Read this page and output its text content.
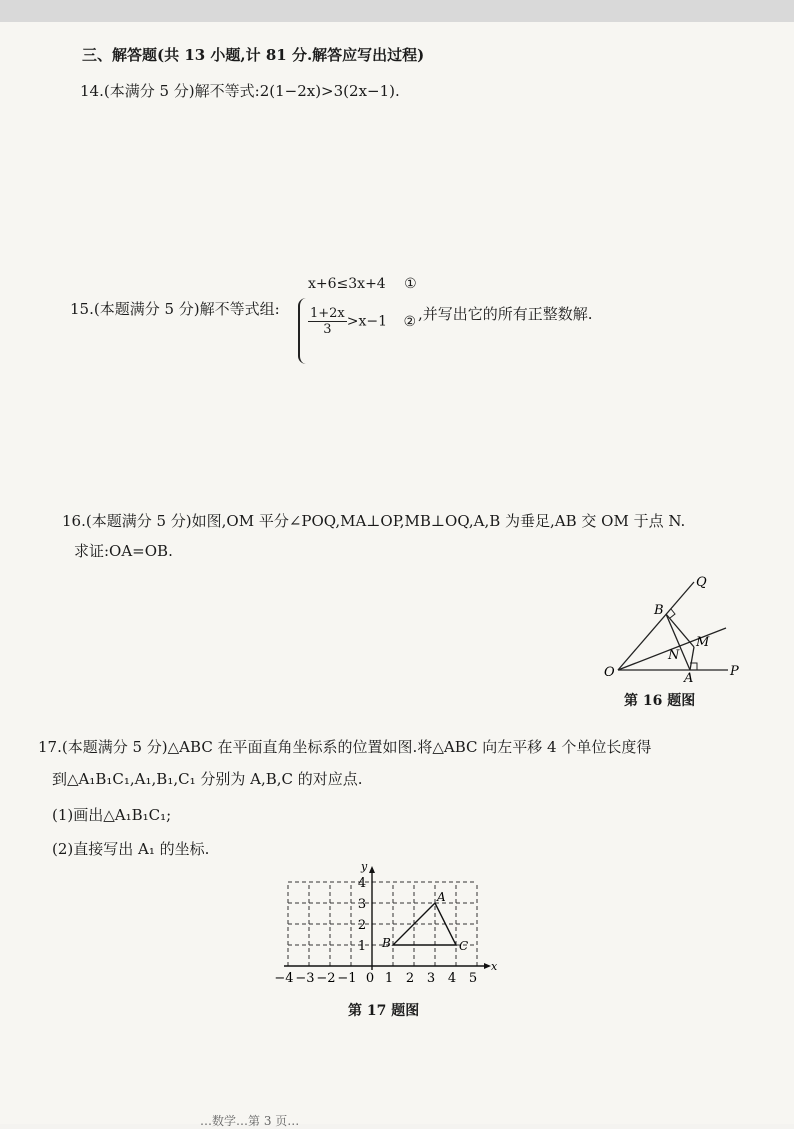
三、解答题(共 13 小题,计 81 分.解答应写出过程)
14.(本满分 5 分)解不等式:2(1−2x)>3(2x−1).
15.(本题满分 5 分)解不等式组:
x+6≤3x+4 ①
$\frac{1+2x}{3} >x-1$ ② ,并写出它的所有正整数解.
16.(本题满分 5 分)如图,OM 平分∠POQ,MA⊥OP,MB⊥OQ,A,B 为垂足,AB 交 OM 于点 N.
求证:OA=OB.
O	P
Q
B
M
N
A
第 16 题图
17.(本题满分 5 分)△ABC 在平面直角坐标系的位置如图.将△ABC 向左平移 4 个单位长度得
到△A₁B₁C₁,A₁,B₁,C₁ 分别为 A,B,C 的对应点.
(1)画出△A₁B₁C₁;
(2)直接写出 A₁ 的坐标.
x
y
−4 −3 −2 −1 0 1 2 3 4 5
1
2
3
4
A
B	C
第 17 题图
…数学…第 3 页…
